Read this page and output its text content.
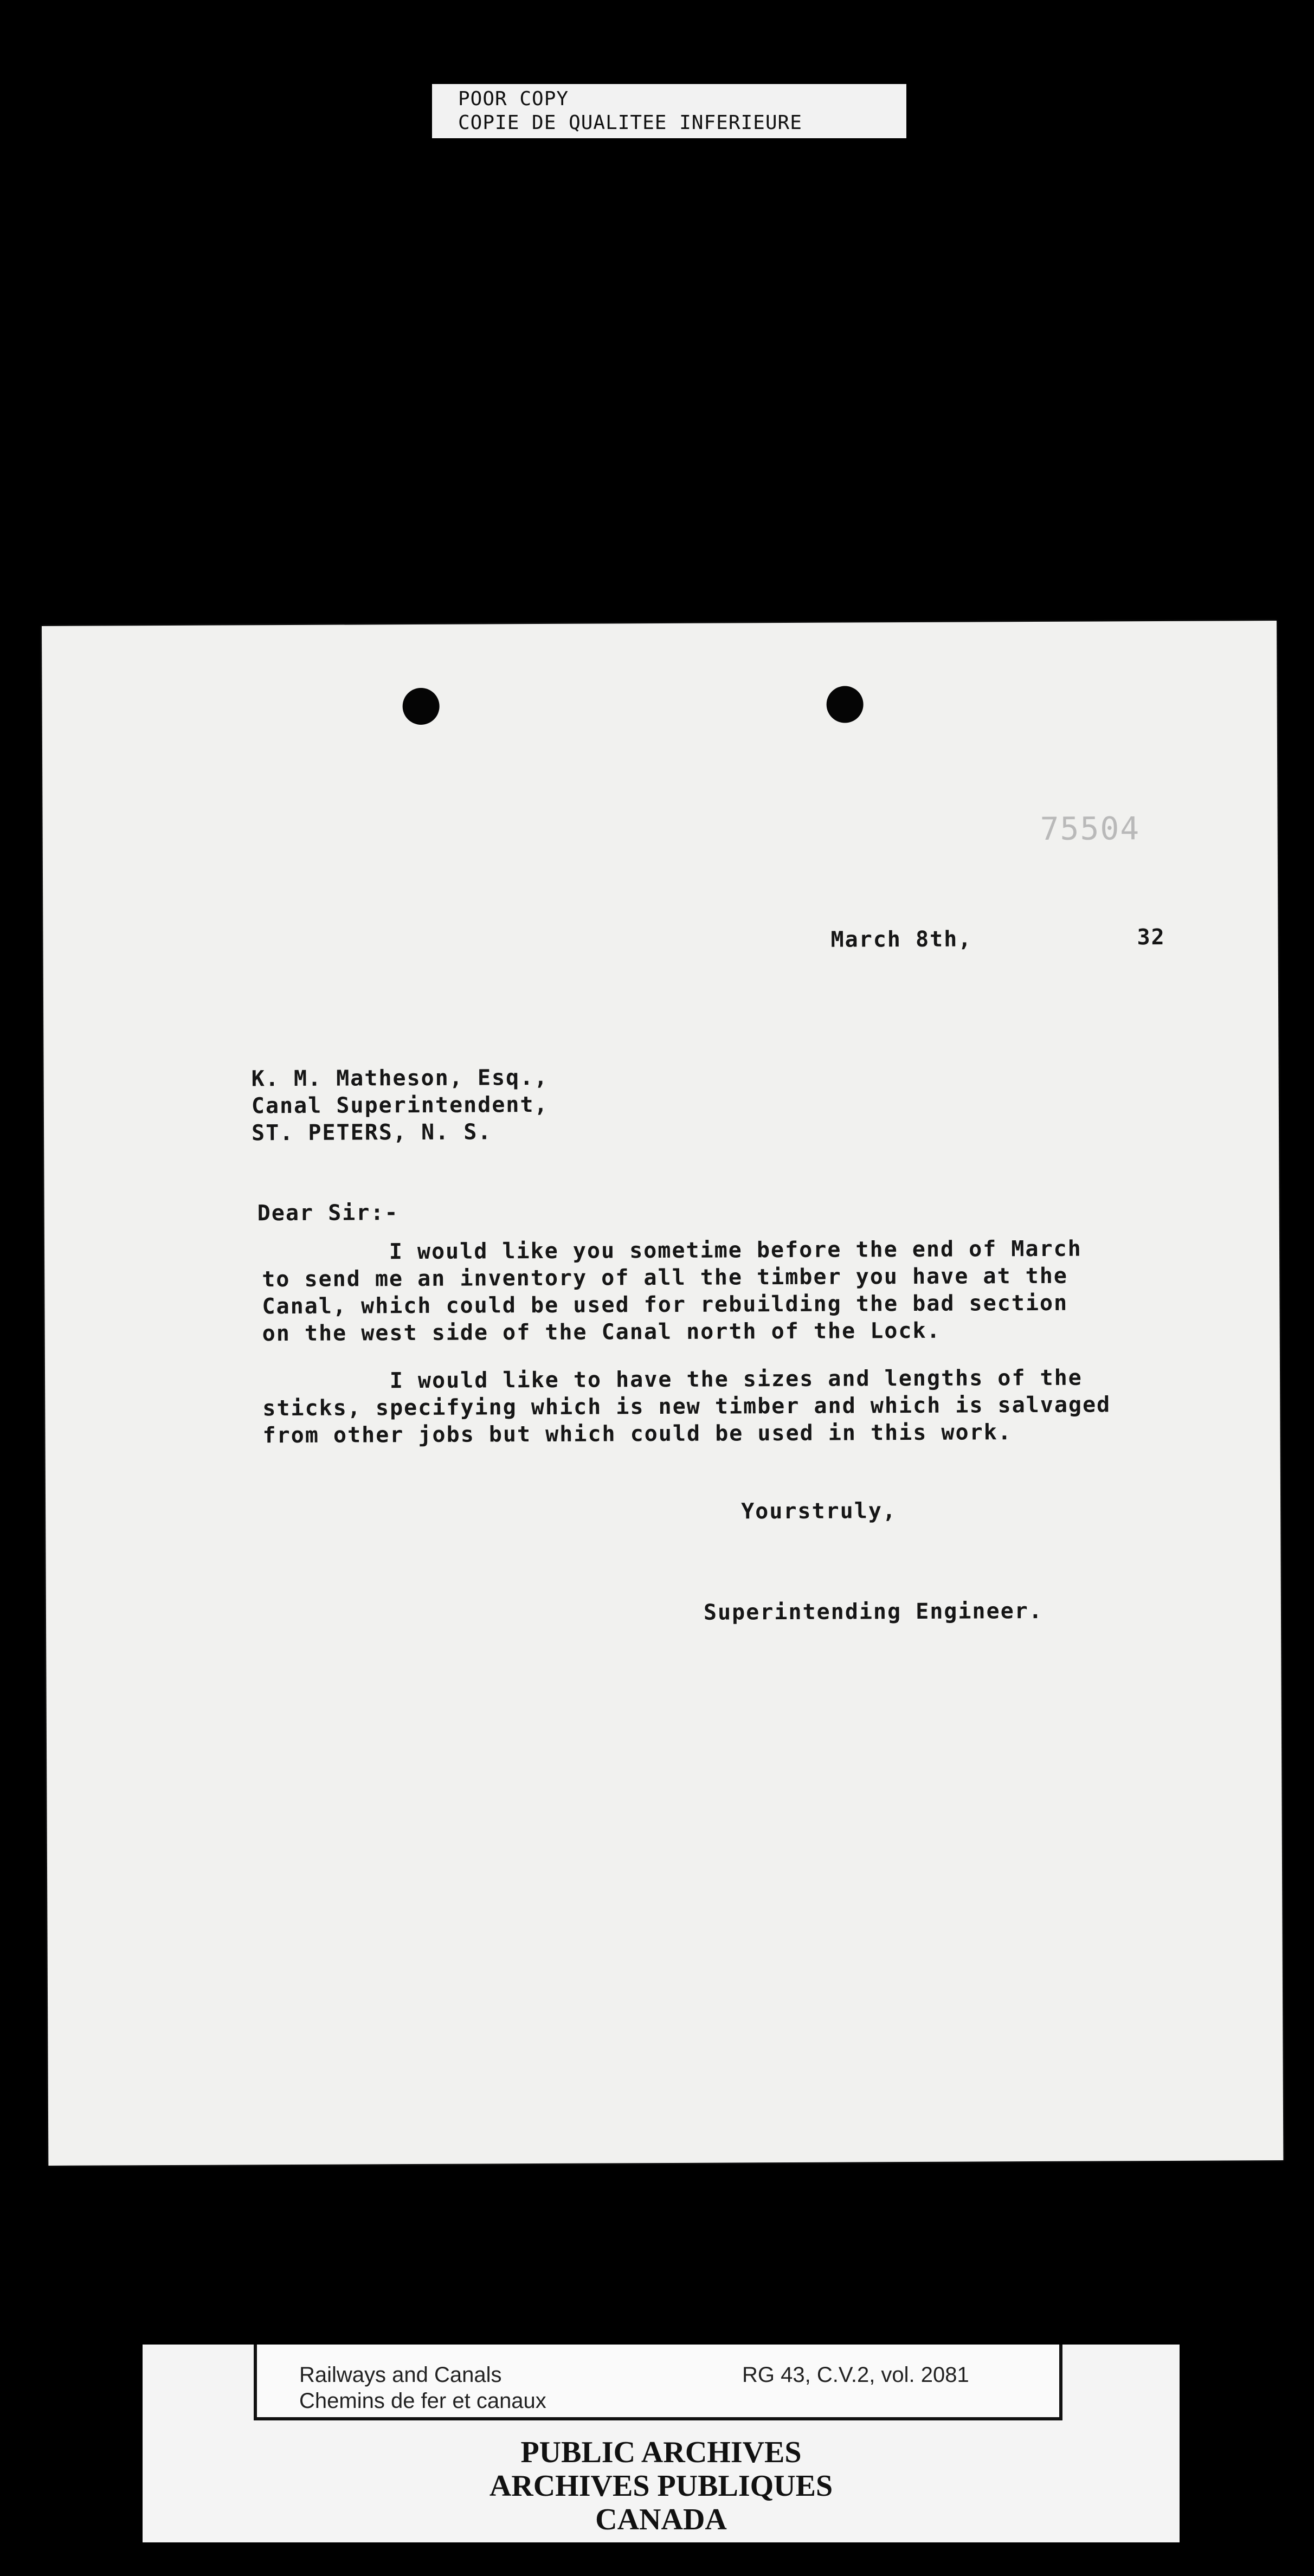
POOR COPY
COPIE DE QUALITEE INFERIEURE
75504
March 8th,	32
K. M. Matheson, Esq.,
Canal Superintendent,
ST. PETERS, N. S.
Dear Sir:-

I would like you sometime before the end of March

to send me an inventory of all the timber you have at the

Canal, which could be used for rebuilding the bad section

on the west side of the Canal north of the Lock.

I would like to have the sizes and lengths of the

sticks, specifying which is new timber and which is salvaged

from other jobs but which could be used in this work.

Yourstruly,
Superintending Engineer.
Railways and Canals
Chemins de fer et canaux
RG 43, C.V.2, vol. 2081
PUBLIC ARCHIVES
ARCHIVES PUBLIQUES
CANADA
